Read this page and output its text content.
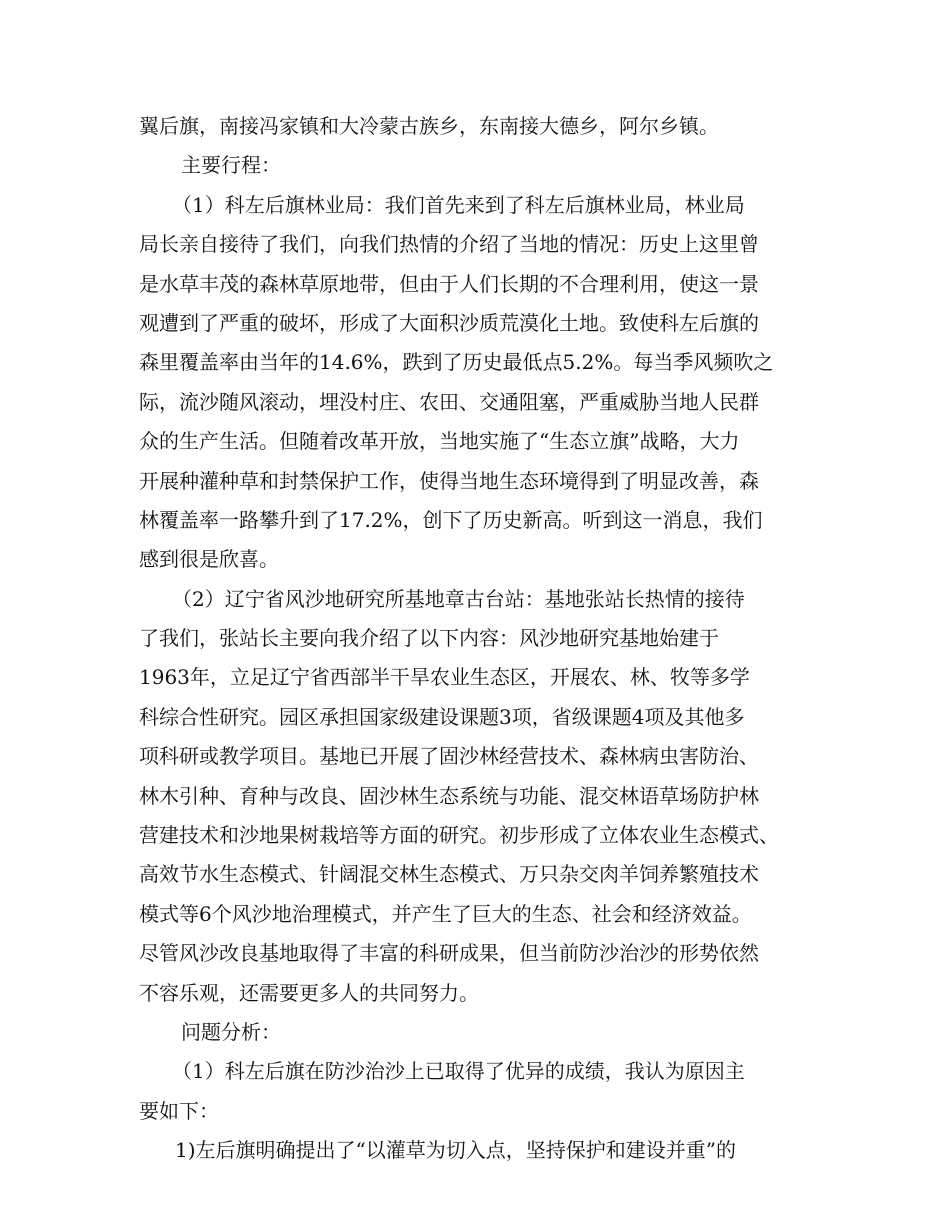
翼后旗，南接冯家镇和大冷蒙古族乡，东南接大德乡，阿尔乡镇。
主要行程：
（1）科左后旗林业局：我们首先来到了科左后旗林业局，林业局
局长亲自接待了我们，向我们热情的介绍了当地的情况：历史上这里曾
是水草丰茂的森林草原地带，但由于人们长期的不合理利用，使这一景
观遭到了严重的破坏，形成了大面积沙质荒漠化土地。致使科左后旗的
森里覆盖率由当年的14.6%，跌到了历史最低点5.2%。每当季风频吹之
际，流沙随风滚动，埋没村庄、农田、交通阻塞，严重威胁当地人民群
众的生产生活。但随着改革开放，当地实施了“生态立旗”战略，大力
开展种灌种草和封禁保护工作，使得当地生态环境得到了明显改善，森
林覆盖率一路攀升到了17.2%，创下了历史新高。听到这一消息，我们
感到很是欣喜。
（2）辽宁省风沙地研究所基地章古台站：基地张站长热情的接待
了我们，张站长主要向我介绍了以下内容：风沙地研究基地始建于
1963年，立足辽宁省西部半干旱农业生态区，开展农、林、牧等多学
科综合性研究。园区承担国家级建设课题3项，省级课题4项及其他多
项科研或教学项目。基地已开展了固沙林经营技术、森林病虫害防治、
林木引种、育种与改良、固沙林生态系统与功能、混交林语草场防护林
营建技术和沙地果树栽培等方面的研究。初步形成了立体农业生态模式、
高效节水生态模式、针阔混交林生态模式、万只杂交肉羊饲养繁殖技术
模式等6个风沙地治理模式，并产生了巨大的生态、社会和经济效益。
尽管风沙改良基地取得了丰富的科研成果，但当前防沙治沙的形势依然
不容乐观，还需要更多人的共同努力。
问题分析：
（1）科左后旗在防沙治沙上已取得了优异的成绩，我认为原因主
要如下：
1)左后旗明确提出了“以灌草为切入点，坚持保护和建设并重”的
